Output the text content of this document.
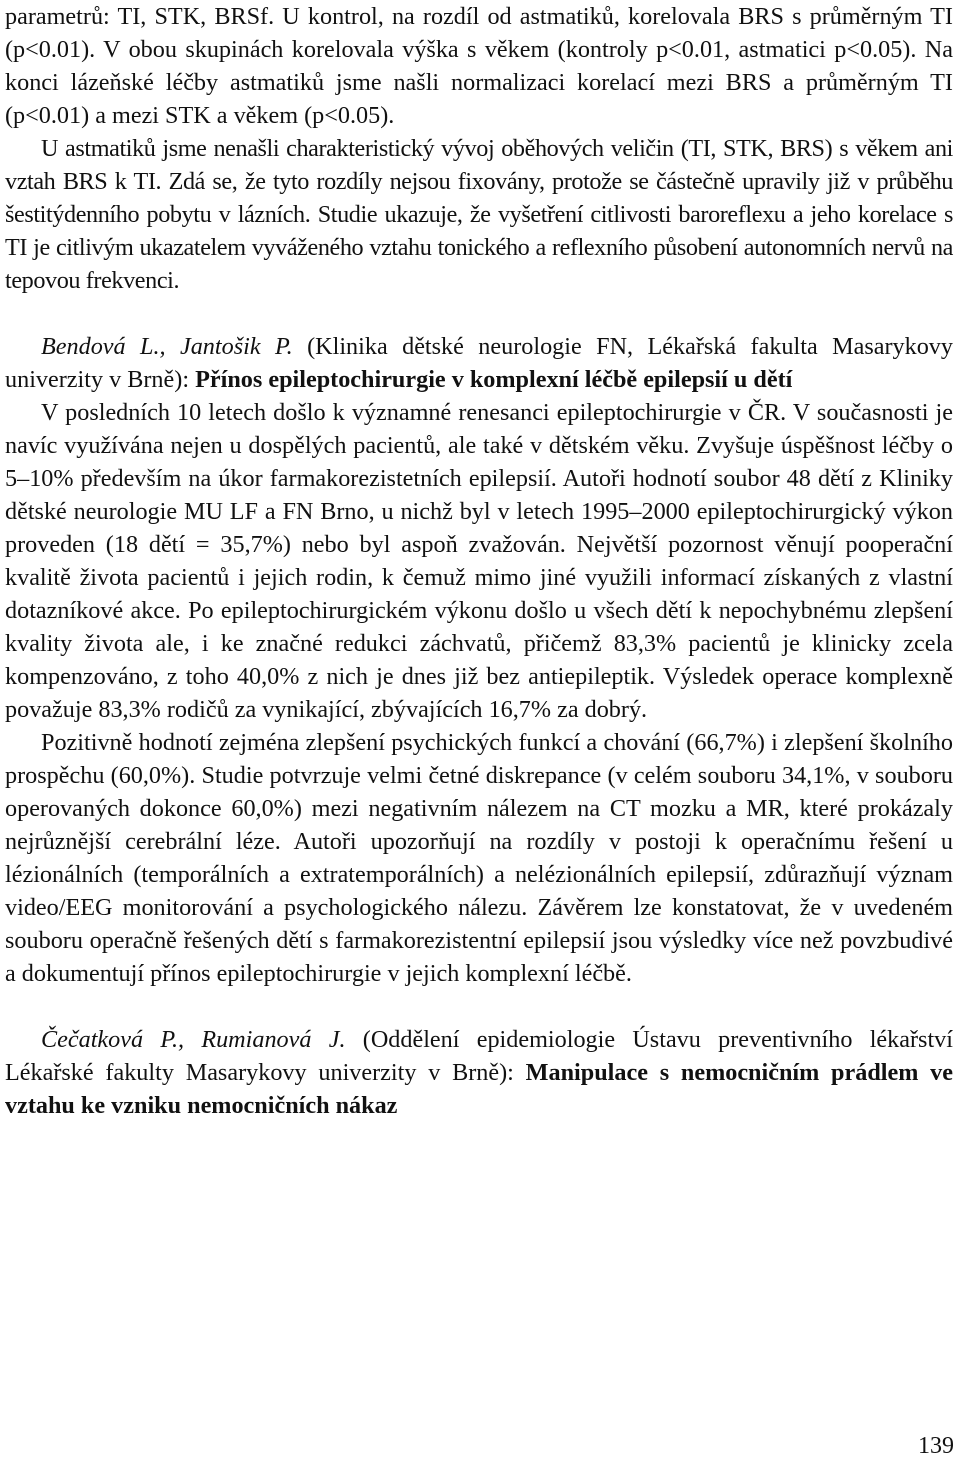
parametrů: TI, STK, BRSf. U kontrol, na rozdíl od astmatiků, korelovala BRS s průměrným TI (p<0.01). V obou skupinách korelovala výška s věkem (kontroly p<0.01, astmatici p<0.05). Na konci lázeňské léčby astmatiků jsme našli normalizaci korelací mezi BRS a průměrným TI (p<0.01) a mezi STK a věkem (p<0.05).

U astmatiků jsme nenašli charakteristický vývoj oběhových veličin (TI, STK, BRS) s věkem ani vztah BRS k TI. Zdá se, že tyto rozdíly nejsou fixovány, protože se částečně upravily již v průběhu šestitýdenního pobytu v lázních. Studie ukazuje, že vyšetření citlivosti baroreflexu a jeho korelace s TI je citlivým ukazatelem vyváženého vztahu tonického a reflexního působení autonomních nervů na tepovou frekvenci.

Bendová L., Jantošik P. (Klinika dětské neurologie FN, Lékařská fakulta Masarykovy univerzity v Brně): Přínos epileptochirurgie v komplexní léčbě epilepsií u dětí

V posledních 10 letech došlo k významné renesanci epileptochirurgie v ČR. V současnosti je navíc využívána nejen u dospělých pacientů, ale také v dětském věku. Zvyšuje úspěšnost léčby o 5–10% především na úkor farmakorezistetních epilepsií. Autoři hodnotí soubor 48 dětí z Kliniky dětské neurologie MU LF a FN Brno, u nichž byl v letech 1995–2000 epileptochirurgický výkon proveden (18 dětí = 35,7%) nebo byl aspoň zvažován. Největší pozornost věnují pooperační kvalitě života pacientů i jejich rodin, k čemuž mimo jiné využili informací získaných z vlastní dotazníkové akce. Po epileptochirurgickém výkonu došlo u všech dětí k nepochybnému zlepšení kvality života ale, i ke značné redukci záchvatů, přičemž 83,3% pacientů je klinicky zcela kompenzováno, z toho 40,0% z nich je dnes již bez antiepileptik. Výsledek operace komplexně považuje 83,3% rodičů za vynikající, zbývajících 16,7% za dobrý.

Pozitivně hodnotí zejména zlepšení psychických funkcí a chování (66,7%) i zlepšení školního prospěchu (60,0%). Studie potvrzuje velmi četné diskrepance (v celém souboru 34,1%, v souboru operovaných dokonce 60,0%) mezi negativním nálezem na CT mozku a MR, které prokázaly nejrůznější cerebrální léze. Autoři upozorňují na rozdíly v postoji k operačnímu řešení u lézionálních (temporálních a extratemporálních) a nelézionálních epilepsií, zdůrazňují význam video/EEG monitorování a psychologického nálezu. Závěrem lze konstatovat, že v uvedeném souboru operačně řešených dětí s farmakorezistentní epilepsií jsou výsledky více než povzbudivé a dokumentují přínos epileptochirurgie v jejich komplexní léčbě.

Čečatková P., Rumianová J. (Oddělení epidemiologie Ústavu preventivního lékařství Lékařské fakulty Masarykovy univerzity v Brně): Manipulace s nemocničním prádlem ve vztahu ke vzniku nemocničních nákaz

139
